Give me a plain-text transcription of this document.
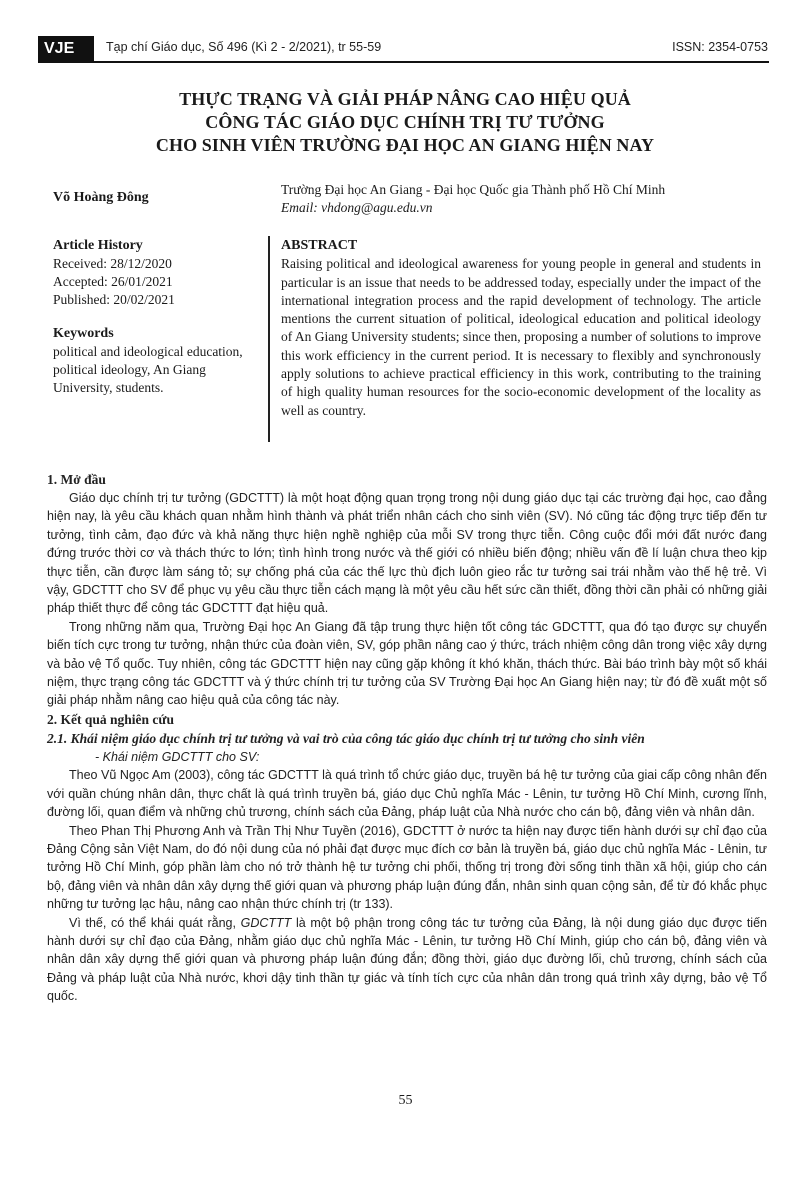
VJE	Tạp chí Giáo dục, Số 496 (Kì 2 - 2/2021), tr 55-59	ISSN: 2354-0753
THỰC TRẠNG VÀ GIẢI PHÁP NÂNG CAO HIỆU QUẢ
CÔNG TÁC GIÁO DỤC CHÍNH TRỊ TƯ TƯỞNG
CHO SINH VIÊN TRƯỜNG ĐẠI HỌC AN GIANG HIỆN NAY
Võ Hoàng Đông
Trường Đại học An Giang - Đại học Quốc gia Thành phố Hồ Chí Minh
Email: vhdong@agu.edu.vn
Article History
Received: 28/12/2020
Accepted: 26/01/2021
Published: 20/02/2021
Keywords
political and ideological education, political ideology, An Giang University, students.
ABSTRACT

Raising political and ideological awareness for young people in general and students in particular is an issue that needs to be addressed today, especially under the impact of the international integration process and the rapid development of technology. The article mentions the current situation of political, ideological education and political ideology of An Giang University students; since then, proposing a number of solutions to improve this work efficiency in the current period. It is necessary to flexibly and synchronously apply solutions to achieve practical efficiency in this work, contributing to the training of high quality human resources for the socio-economic development of the locality as well as country.

1. Mở đầu

Giáo dục chính trị tư tưởng (GDCTTT) là một hoạt động quan trọng trong nội dung giáo dục tại các trường đại học, cao đẳng hiện nay, là yêu cầu khách quan nhằm hình thành và phát triển nhân cách cho sinh viên (SV). Nó cũng tác động trực tiếp đến tư tưởng, tình cảm, đạo đức và khả năng thực hiện nghề nghiệp của mỗi SV trong thực tiễn. Công cuộc đổi mới đất nước đang đứng trước thời cơ và thách thức to lớn; tình hình trong nước và thế giới có nhiều biến động; nhiều vấn đề lí luận chưa theo kịp thực tiễn, cần được làm sáng tỏ; sự chống phá của các thế lực thù địch luôn gieo rắc tư tưởng sai trái nhằm vào thế hệ trẻ. Vì vậy, GDCTTT cho SV để phục vụ yêu cầu thực tiễn cách mạng là một yêu cầu hết sức cần thiết, đồng thời cần phải có những giải pháp thiết thực để công tác GDCTTT đạt hiệu quả.

Trong những năm qua, Trường Đại học An Giang đã tập trung thực hiện tốt công tác GDCTTT, qua đó tạo được sự chuyển biến tích cực trong tư tưởng, nhận thức của đoàn viên, SV, góp phần nâng cao ý thức, trách nhiệm công dân trong việc xây dựng và bảo vệ Tổ quốc. Tuy nhiên, công tác GDCTTT hiện nay cũng gặp không ít khó khăn, thách thức. Bài báo trình bày một số khái niệm, thực trạng công tác GDCTTT và ý thức chính trị tư tưởng của SV Trường Đại học An Giang hiện nay; từ đó đề xuất một số giải pháp nhằm nâng cao hiệu quả của công tác này.

2. Kết quả nghiên cứu
2.1. Khái niệm giáo dục chính trị tư tưởng và vai trò của công tác giáo dục chính trị tư tưởng cho sinh viên
- Khái niệm GDCTTT cho SV:

Theo Vũ Ngọc Am (2003), công tác GDCTTT là quá trình tổ chức giáo dục, truyền bá hệ tư tưởng của giai cấp công nhân đến với quần chúng nhân dân, thực chất là quá trình truyền bá, giáo dục Chủ nghĩa Mác - Lênin, tư tưởng Hồ Chí Minh, cương lĩnh, đường lối, quan điểm và những chủ trương, chính sách của Đảng, pháp luật của Nhà nước cho cán bộ, đảng viên và nhân dân.

Theo Phan Thị Phương Anh và Trần Thị Như Tuyền (2016), GDCTTT ở nước ta hiện nay được tiến hành dưới sự chỉ đạo của Đảng Cộng sản Việt Nam, do đó nội dung của nó phải đạt được mục đích cơ bản là truyền bá, giáo dục chủ nghĩa Mác - Lênin, tư tưởng Hồ Chí Minh, góp phần làm cho nó trở thành hệ tư tưởng chi phối, thống trị trong đời sống tinh thần xã hội, giúp cho cán bộ, đảng viên và nhân dân xây dựng thế giới quan và phương pháp luận đúng đắn, nhân sinh quan cộng sản, để từ đó khắc phục những tư tưởng lạc hậu, nâng cao nhận thức chính trị (tr 133).

Vì thế, có thể khái quát rằng, GDCTTT là một bộ phận trong công tác tư tưởng của Đảng, là nội dung giáo dục được tiến hành dưới sự chỉ đạo của Đảng, nhằm giáo dục chủ nghĩa Mác - Lênin, tư tưởng Hồ Chí Minh, giúp cho cán bộ, đảng viên và nhân dân xây dựng thế giới quan và phương pháp luận đúng đắn; đồng thời, giáo dục đường lối, chủ trương, chính sách của Đảng và pháp luật của Nhà nước, khơi dậy tinh thần tự giác và tính tích cực của nhân dân trong quá trình xây dựng, bảo vệ Tổ quốc.

55
